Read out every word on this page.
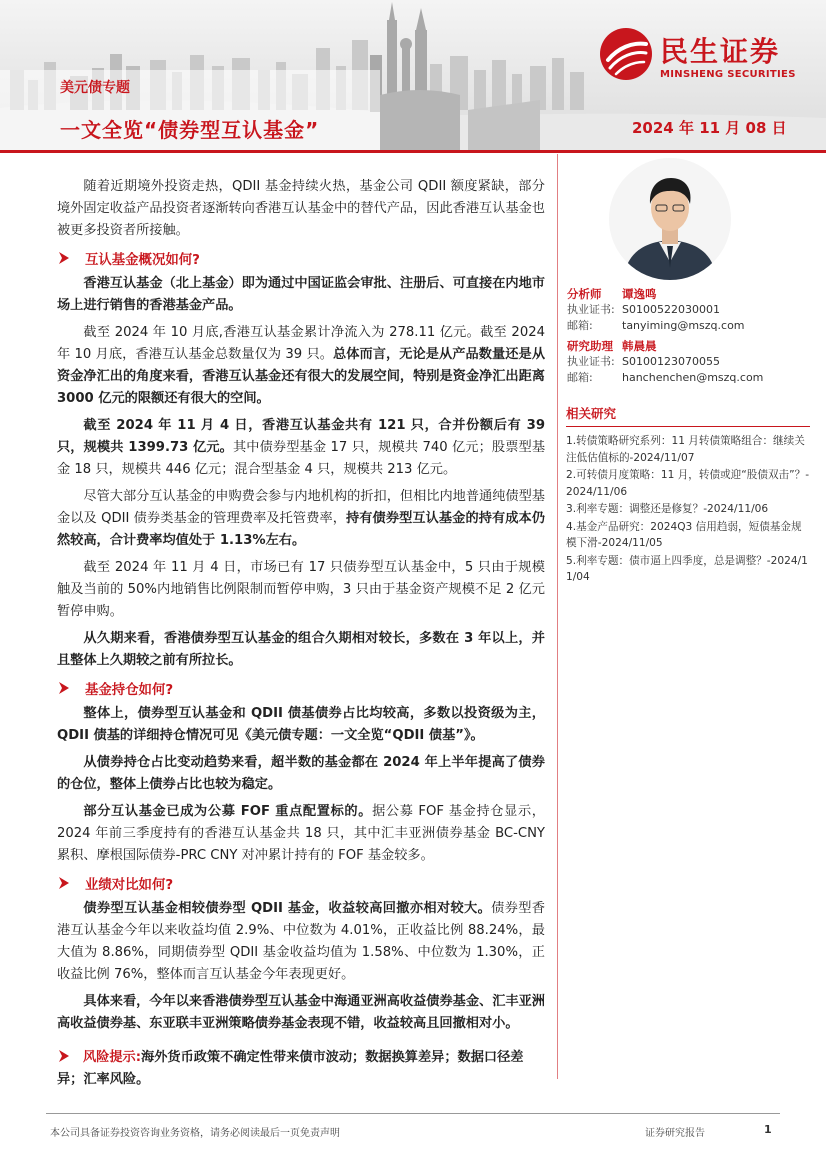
美元债专题
一文全览“债券型互认基金”	2024 年 11 月 08 日
民生证券
MINSHENG SECURITIES

随着近期境外投资走热，QDII 基金持续火热，基金公司 QDII 额度紧缺，部分境外固定收益产品投资者逐渐转向香港互认基金中的替代产品，因此香港互认基金也被更多投资者所接触。

互认基金概况如何?

香港互认基金（北上基金）即为通过中国证监会审批、注册后、可直接在内地市场上进行销售的香港基金产品。

截至 2024 年 10 月底,香港互认基金累计净流入为 278.11 亿元。截至 2024 年 10 月底，香港互认基金总数量仅为 39 只。总体而言，无论是从产品数量还是从资金净汇出的角度来看，香港互认基金还有很大的发展空间，特别是资金净汇出距离 3000 亿元的限额还有很大的空间。

截至 2024 年 11 月 4 日，香港互认基金共有 121 只，合并份额后有 39 只，规模共 1399.73 亿元。其中债券型基金 17 只，规模共 740 亿元；股票型基金 18 只，规模共 446 亿元；混合型基金 4 只，规模共 213 亿元。

尽管大部分互认基金的申购费会参与内地机构的折扣，但相比内地普通纯债型基金以及 QDII 债券类基金的管理费率及托管费率，持有债券型互认基金的持有成本仍然较高，合计费率均值处于 1.13%左右。

截至 2024 年 11 月 4 日，市场已有 17 只债券型互认基金中，5 只由于规模触及当前的 50%内地销售比例限制而暂停申购，3 只由于基金资产规模不足 2 亿元暂停申购。

从久期来看，香港债券型互认基金的组合久期相对较长，多数在 3 年以上，并且整体上久期较之前有所拉长。

基金持仓如何?

整体上，债券型互认基金和 QDII 债基债券占比均较高，多数以投资级为主，QDII 债基的详细持仓情况可见《美元债专题：一文全览“QDII 债基”》。

从债券持仓占比变动趋势来看，超半数的基金都在 2024 年上半年提高了债券的仓位，整体上债券占比也较为稳定。

部分互认基金已成为公募 FOF 重点配置标的。据公募 FOF 基金持仓显示，2024 年前三季度持有的香港互认基金共 18 只，其中汇丰亚洲债券基金 BC-CNY 累积、摩根国际债券-PRC CNY 对冲累计持有的 FOF 基金较多。

业绩对比如何?

债券型互认基金相较债券型 QDII 基金，收益较高回撤亦相对较大。债券型香港互认基金今年以来收益均值 2.9%、中位数为 4.01%，正收益比例 88.24%，最大值为 8.86%，同期债券型 QDII 基金收益均值为 1.58%、中位数为 1.30%，正收益比例 76%，整体而言互认基金今年表现更好。

具体来看，今年以来香港债券型互认基金中海通亚洲高收益债券基金、汇丰亚洲高收益债券基、东亚联丰亚洲策略债券基金表现不错，收益较高且回撤相对小。

风险提示:海外货币政策不确定性带来债市波动；数据换算差异；数据口径差异；汇率风险。
分析师	谭逸鸣
执业证书: S0100522030001
邮箱:	tanyiming@mszq.com
研究助理 韩晨晨
执业证书: S0100123070055
邮箱:	hanchenchen@mszq.com
相关研究
1.转债策略研究系列：11 月转债策略组合：继续关注低估值标的-2024/11/07
2.可转债月度策略：11 月，转债或迎“股债双击”？-2024/11/06
3.利率专题：调整还是修复？-2024/11/06
4.基金产品研究：2024Q3 信用趋弱，短债基金规模下滑-2024/11/05
5.利率专题：债市逼上四季度，总是调整？-2024/11/04
本公司具备证券投资咨询业务资格，请务必阅读最后一页免责声明	证券研究报告	1
